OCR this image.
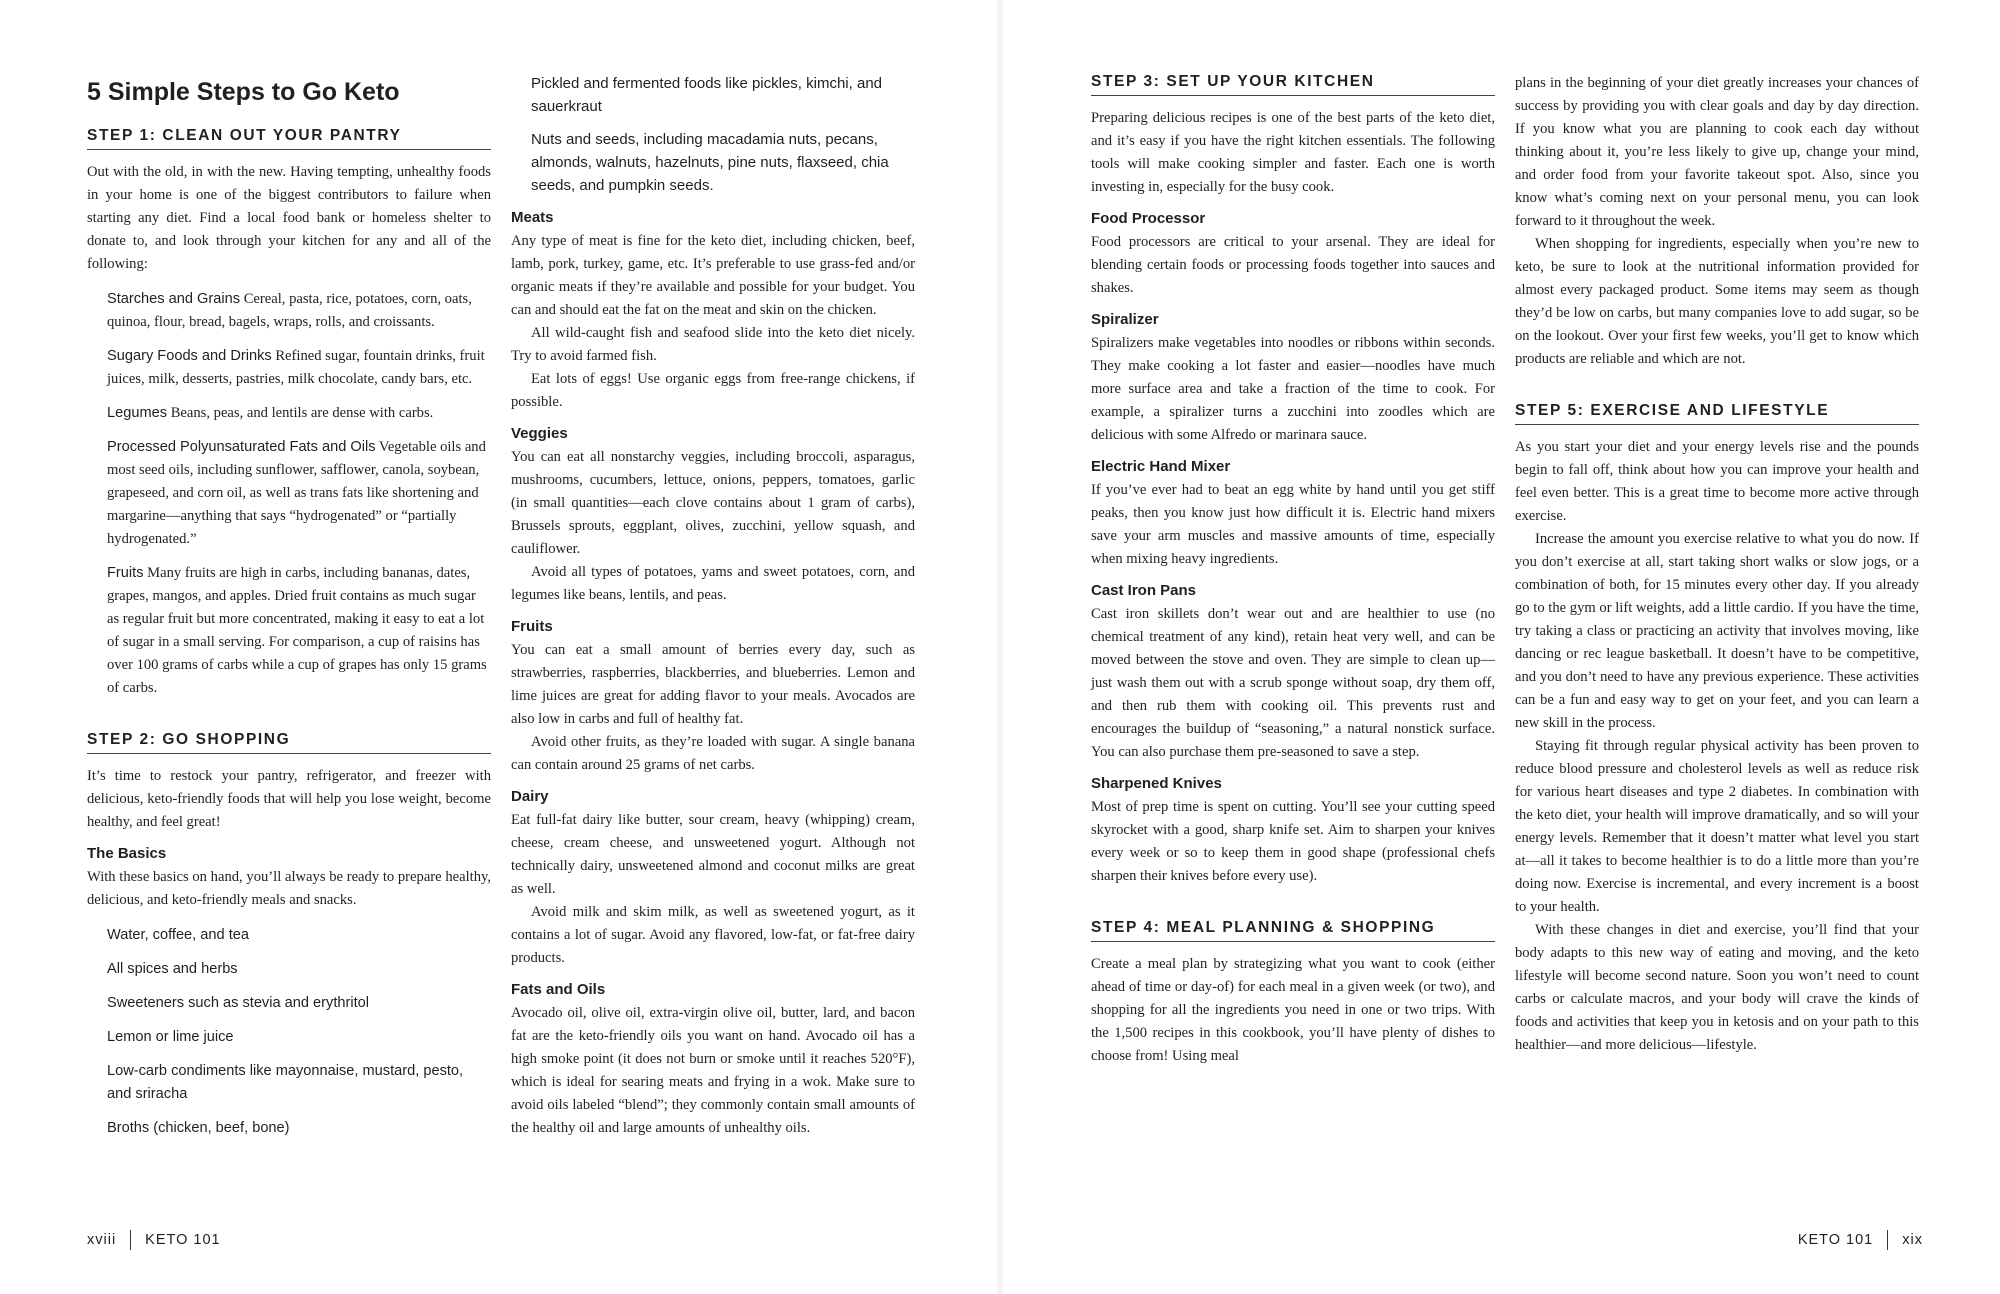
5 Simple Steps to Go Keto
STEP 1: CLEAN OUT YOUR PANTRY

Out with the old, in with the new. Having tempting, unhealthy foods in your home is one of the biggest contributors to failure when starting any diet. Find a local food bank or homeless shelter to donate to, and look through your kitchen for any and all of the following:

Starches and Grains Cereal, pasta, rice, potatoes, corn, oats, quinoa, flour, bread, bagels, wraps, rolls, and croissants.
Sugary Foods and Drinks Refined sugar, fountain drinks, fruit juices, milk, desserts, pastries, milk chocolate, candy bars, etc.
Legumes Beans, peas, and lentils are dense with carbs.
Processed Polyunsaturated Fats and Oils Vegetable oils and most seed oils, including sunflower, safflower, canola, soybean, grapeseed, and corn oil, as well as trans fats like shortening and margarine—anything that says “hydrogenated” or “partially hydrogenated.”
Fruits Many fruits are high in carbs, including bananas, dates, grapes, mangos, and apples. Dried fruit contains as much sugar as regular fruit but more concentrated, making it easy to eat a lot of sugar in a small serving. For comparison, a cup of raisins has over 100 grams of carbs while a cup of grapes has only 15 grams of carbs.
STEP 2: GO SHOPPING

It’s time to restock your pantry, refrigerator, and freezer with delicious, keto-friendly foods that will help you lose weight, become healthy, and feel great!

The Basics

With these basics on hand, you’ll always be ready to prepare healthy, delicious, and keto-friendly meals and snacks.

Water, coffee, and tea
All spices and herbs
Sweeteners such as stevia and erythritol
Lemon or lime juice
Low-carb condiments like mayonnaise, mustard, pesto, and sriracha
Broths (chicken, beef, bone)
Pickled and fermented foods like pickles, kimchi, and sauerkraut
Nuts and seeds, including macadamia nuts, pecans, almonds, walnuts, hazelnuts, pine nuts, flaxseed, chia seeds, and pumpkin seeds.
Meats

Any type of meat is fine for the keto diet, including chicken, beef, lamb, pork, turkey, game, etc. It’s preferable to use grass-fed and/or organic meats if they’re available and possible for your budget. You can and should eat the fat on the meat and skin on the chicken.

All wild-caught fish and seafood slide into the keto diet nicely. Try to avoid farmed fish.

Eat lots of eggs! Use organic eggs from free-range chickens, if possible.

Veggies

You can eat all nonstarchy veggies, including broccoli, asparagus, mushrooms, cucumbers, lettuce, onions, peppers, tomatoes, garlic (in small quantities—each clove contains about 1 gram of carbs), Brussels sprouts, eggplant, olives, zucchini, yellow squash, and cauliflower.

Avoid all types of potatoes, yams and sweet potatoes, corn, and legumes like beans, lentils, and peas.

Fruits

You can eat a small amount of berries every day, such as strawberries, raspberries, blackberries, and blueberries. Lemon and lime juices are great for adding flavor to your meals. Avocados are also low in carbs and full of healthy fat.

Avoid other fruits, as they’re loaded with sugar. A single banana can contain around 25 grams of net carbs.

Dairy

Eat full-fat dairy like butter, sour cream, heavy (whipping) cream, cheese, cream cheese, and unsweetened yogurt. Although not technically dairy, unsweetened almond and coconut milks are great as well.

Avoid milk and skim milk, as well as sweetened yogurt, as it contains a lot of sugar. Avoid any flavored, low-fat, or fat-free dairy products.

Fats and Oils

Avocado oil, olive oil, extra-virgin olive oil, butter, lard, and bacon fat are the keto-friendly oils you want on hand. Avocado oil has a high smoke point (it does not burn or smoke until it reaches 520°F), which is ideal for searing meats and frying in a wok. Make sure to avoid oils labeled “blend”; they commonly contain small amounts of the healthy oil and large amounts of unhealthy oils.

xviii KETO 101
STEP 3: SET UP YOUR KITCHEN

Preparing delicious recipes is one of the best parts of the keto diet, and it’s easy if you have the right kitchen essentials. The following tools will make cooking simpler and faster. Each one is worth investing in, especially for the busy cook.

Food Processor

Food processors are critical to your arsenal. They are ideal for blending certain foods or processing foods together into sauces and shakes.

Spiralizer

Spiralizers make vegetables into noodles or ribbons within seconds. They make cooking a lot faster and easier—noodles have much more surface area and take a fraction of the time to cook. For example, a spiralizer turns a zucchini into zoodles which are delicious with some Alfredo or marinara sauce.

Electric Hand Mixer

If you’ve ever had to beat an egg white by hand until you get stiff peaks, then you know just how difficult it is. Electric hand mixers save your arm muscles and massive amounts of time, especially when mixing heavy ingredients.

Cast Iron Pans

Cast iron skillets don’t wear out and are healthier to use (no chemical treatment of any kind), retain heat very well, and can be moved between the stove and oven. They are simple to clean up—just wash them out with a scrub sponge without soap, dry them off, and then rub them with cooking oil. This prevents rust and encourages the buildup of “seasoning,” a natural nonstick surface. You can also purchase them pre-seasoned to save a step.

Sharpened Knives

Most of prep time is spent on cutting. You’ll see your cutting speed skyrocket with a good, sharp knife set. Aim to sharpen your knives every week or so to keep them in good shape (professional chefs sharpen their knives before every use).

STEP 4: MEAL PLANNING & SHOPPING

Create a meal plan by strategizing what you want to cook (either ahead of time or day-of) for each meal in a given week (or two), and shopping for all the ingredients you need in one or two trips. With the 1,500 recipes in this cookbook, you’ll have plenty of dishes to choose from! Using meal

plans in the beginning of your diet greatly increases your chances of success by providing you with clear goals and day by day direction. If you know what you are planning to cook each day without thinking about it, you’re less likely to give up, change your mind, and order food from your favorite takeout spot. Also, since you know what’s coming next on your personal menu, you can look forward to it throughout the week.

When shopping for ingredients, especially when you’re new to keto, be sure to look at the nutritional information provided for almost every packaged product. Some items may seem as though they’d be low on carbs, but many companies love to add sugar, so be on the lookout. Over your first few weeks, you’ll get to know which products are reliable and which are not.

STEP 5: EXERCISE AND LIFESTYLE

As you start your diet and your energy levels rise and the pounds begin to fall off, think about how you can improve your health and feel even better. This is a great time to become more active through exercise.

Increase the amount you exercise relative to what you do now. If you don’t exercise at all, start taking short walks or slow jogs, or a combination of both, for 15 minutes every other day. If you already go to the gym or lift weights, add a little cardio. If you have the time, try taking a class or practicing an activity that involves moving, like dancing or rec league basketball. It doesn’t have to be competitive, and you don’t need to have any previous experience. These activities can be a fun and easy way to get on your feet, and you can learn a new skill in the process.

Staying fit through regular physical activity has been proven to reduce blood pressure and cholesterol levels as well as reduce risk for various heart diseases and type 2 diabetes. In combination with the keto diet, your health will improve dramatically, and so will your energy levels. Remember that it doesn’t matter what level you start at—all it takes to become healthier is to do a little more than you’re doing now. Exercise is incremental, and every increment is a boost to your health.

With these changes in diet and exercise, you’ll find that your body adapts to this new way of eating and moving, and the keto lifestyle will become second nature. Soon you won’t need to count carbs or calculate macros, and your body will crave the kinds of foods and activities that keep you in ketosis and on your path to this healthier—and more delicious—lifestyle.

KETO 101 xix
